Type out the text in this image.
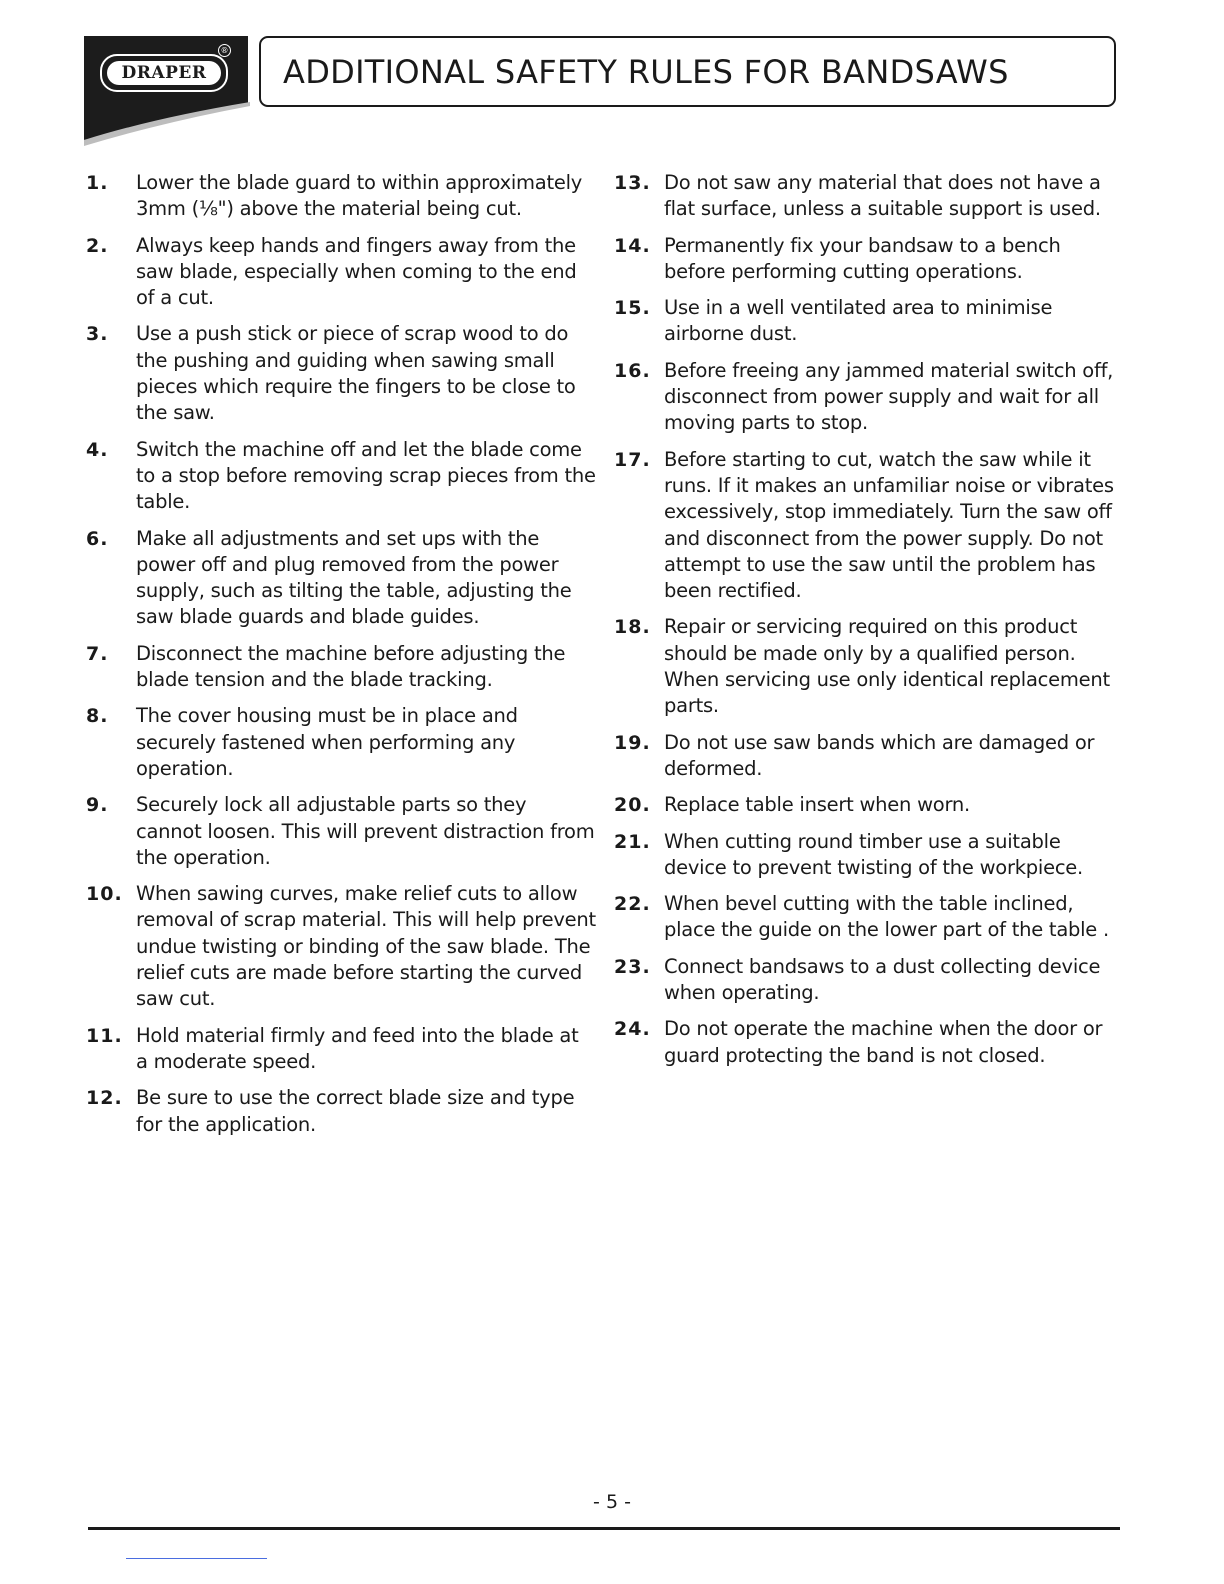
DRAPER
®
ADDITIONAL SAFETY RULES FOR BANDSAWS
1.	Lower the blade guard to within approximately 3mm (⅛") above the material being cut.
2.	Always keep hands and fingers away from the saw blade, especially when coming to the end of a cut.
3.	Use a push stick or piece of scrap wood to do the pushing and guiding when sawing small pieces which require the fingers to be close to the saw.
4.	Switch the machine off and let the blade come to a stop before removing scrap pieces from the table.
6.	Make all adjustments and set ups with the power off and plug removed from the power supply, such as tilting the table, adjusting the saw blade guards and blade guides.
7.	Disconnect the machine before adjusting the blade tension and the blade tracking.
8.	The cover housing must be in place and securely fastened when performing any operation.
9.	Securely lock all adjustable parts so they cannot loosen. This will prevent distraction from the operation.
10. When sawing curves, make relief cuts to allow removal of scrap material. This will help prevent undue twisting or binding of the saw blade. The relief cuts are made before starting the curved saw cut.
11. Hold material firmly and feed into the blade at a moderate speed.
12. Be sure to use the correct blade size and type for the application.
13. Do not saw any material that does not have a flat surface, unless a suitable support is used.
14. Permanently fix your bandsaw to a bench before performing cutting operations.
15. Use in a well ventilated area to minimise airborne dust.
16. Before freeing any jammed material switch off, disconnect from power supply and wait for all moving parts to stop.
17. Before starting to cut, watch the saw while it runs. If it makes an unfamiliar noise or vibrates excessively, stop immediately. Turn the saw off and disconnect from the power supply. Do not attempt to use the saw until the problem has been rectified.
18. Repair or servicing required on this product should be made only by a qualified person. When servicing use only identical replacement parts.
19. Do not use saw bands which are damaged or deformed.
20. Replace table insert when worn.
21. When cutting round timber use a suitable device to prevent twisting of the workpiece.
22. When bevel cutting with the table inclined, place the guide on the lower part of the table .
23. Connect bandsaws to a dust collecting device when operating.
24. Do not operate the machine when the door or guard protecting the band is not closed.
- 5 -
